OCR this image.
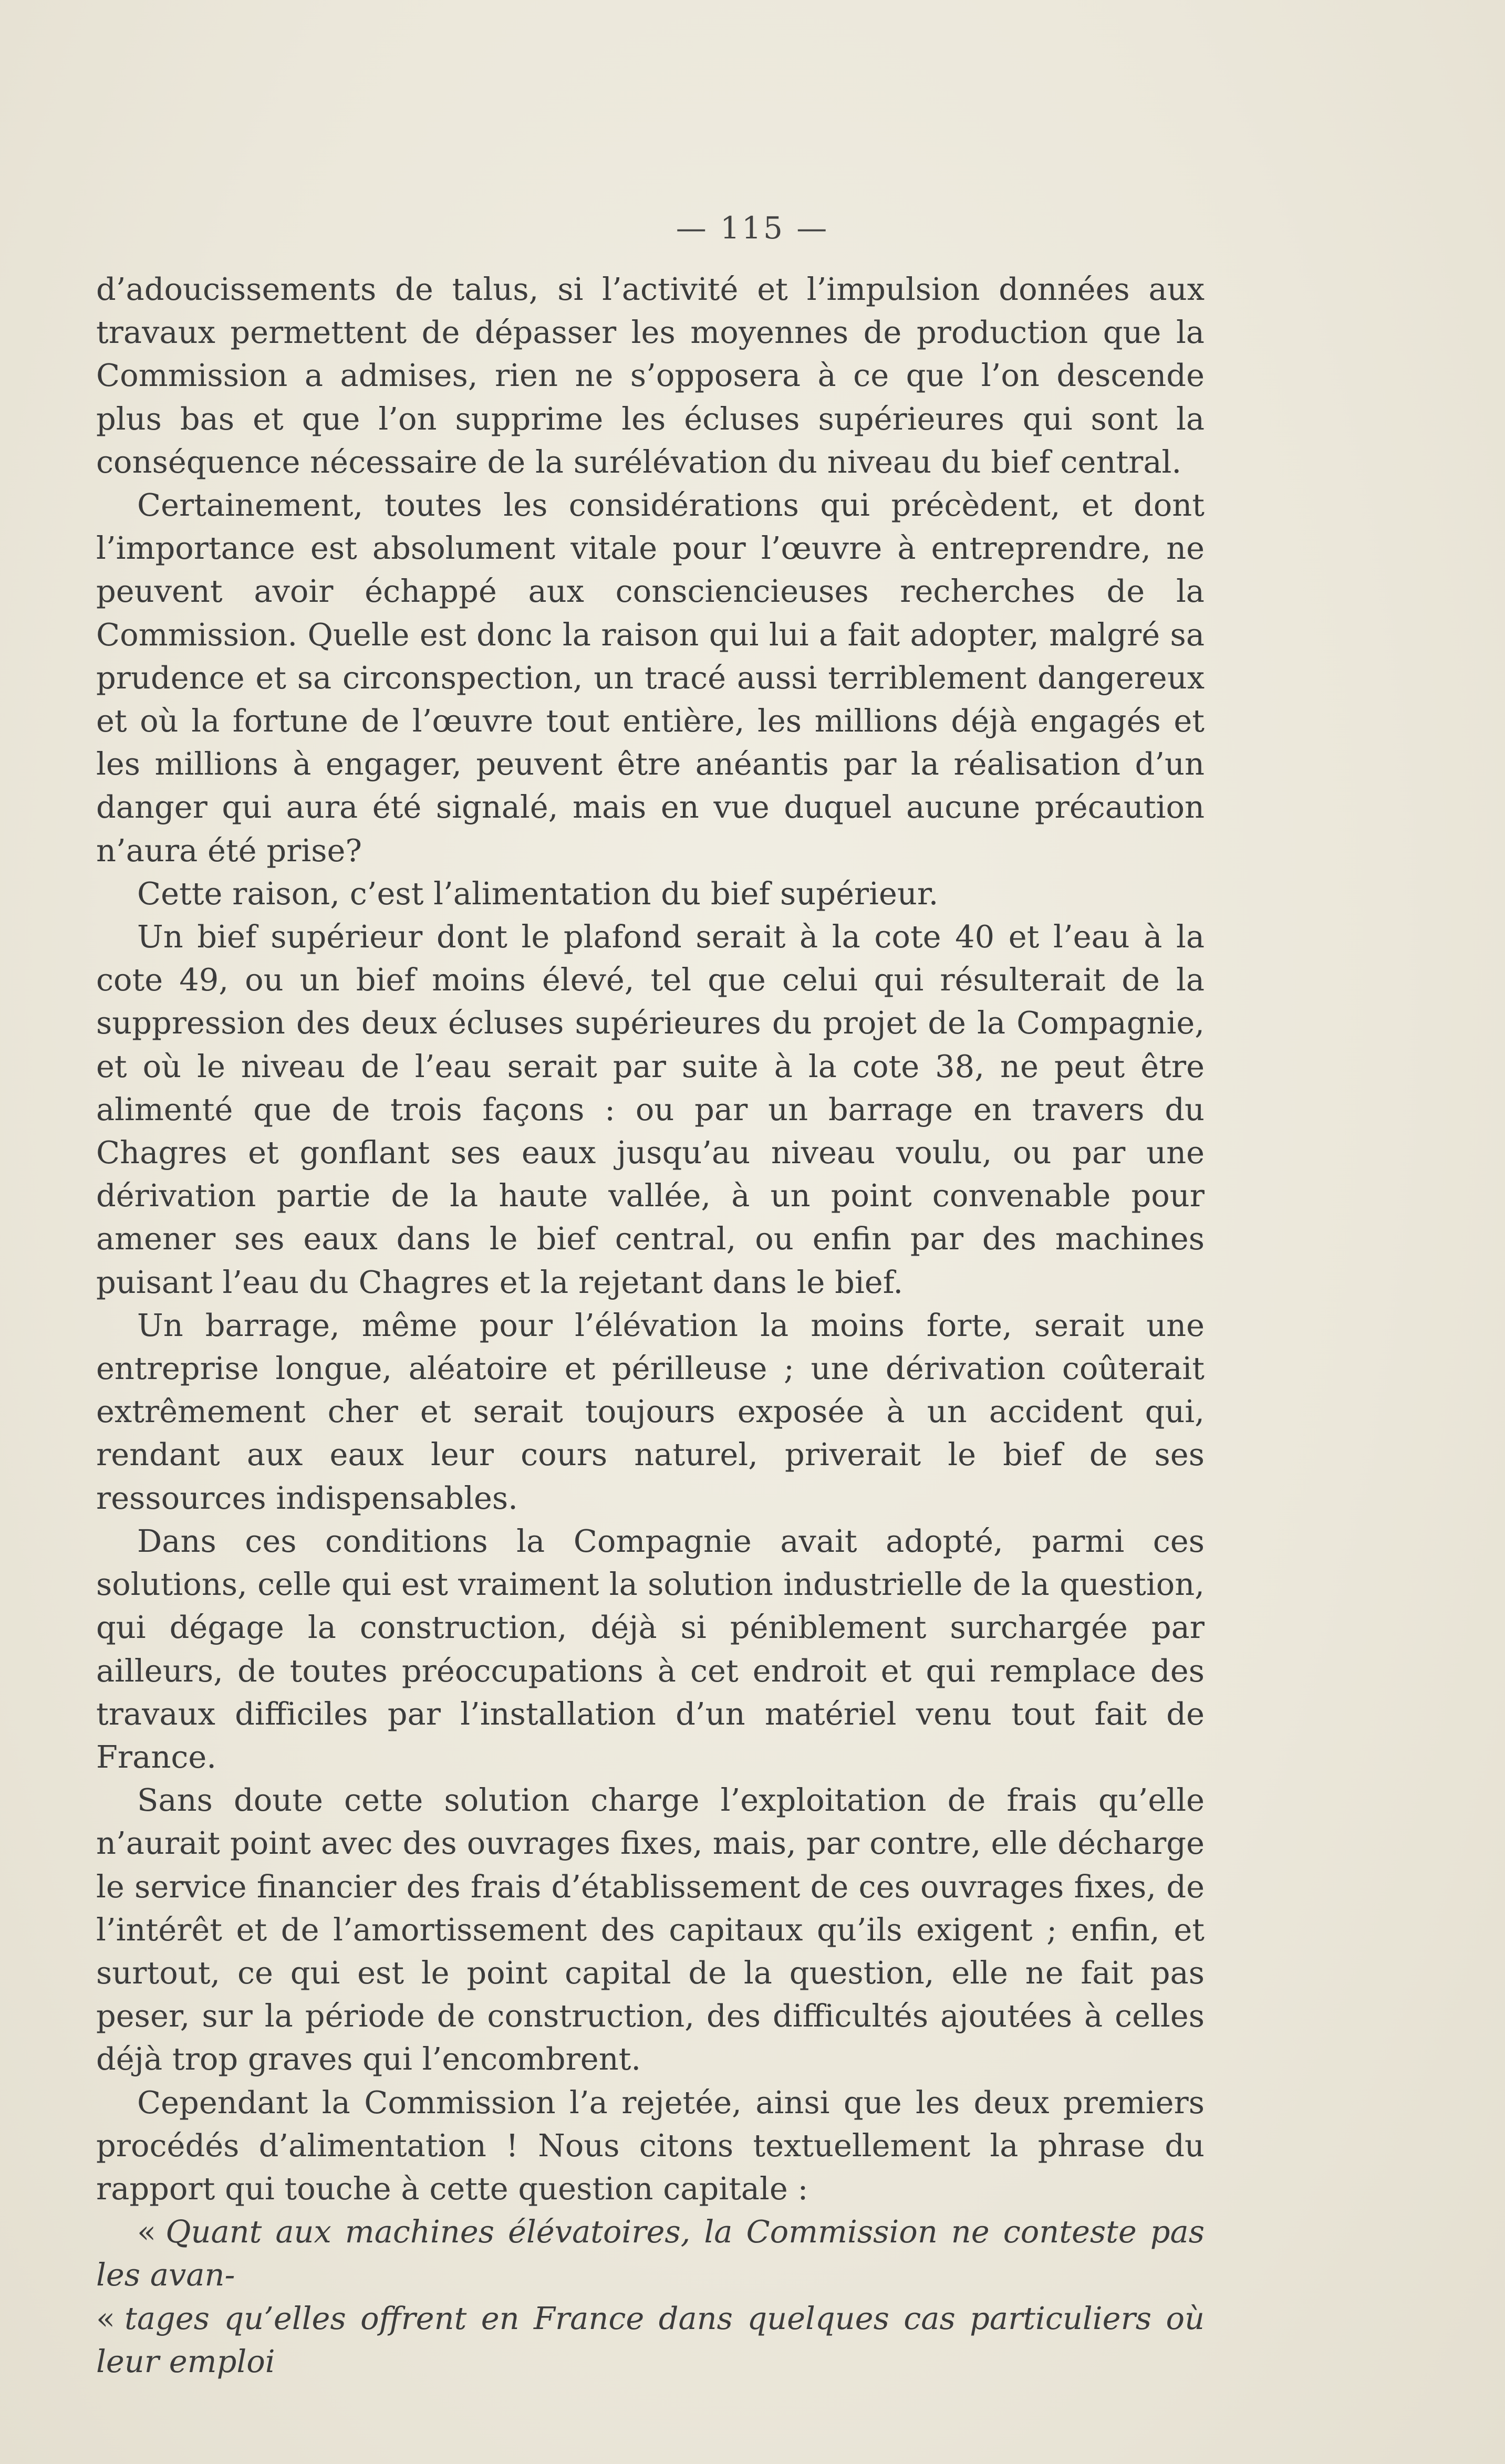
— 115 —

d’adoucissements de talus, si l’activité et l’impulsion données aux travaux permettent de dépasser les moyennes de production que la Commission a admises, rien ne s’opposera à ce que l’on descende plus bas et que l’on supprime les écluses supérieures qui sont la conséquence nécessaire de la surélévation du niveau du bief central.

Certainement, toutes les considérations qui précèdent, et dont l’importance est absolument vitale pour l’œuvre à entreprendre, ne peuvent avoir échappé aux consciencieuses recherches de la Commission. Quelle est donc la raison qui lui a fait adopter, malgré sa prudence et sa circonspection, un tracé aussi terriblement dangereux et où la fortune de l’œuvre tout entière, les millions déjà engagés et les millions à engager, peuvent être anéantis par la réalisation d’un danger qui aura été signalé, mais en vue duquel aucune précaution n’aura été prise?

Cette raison, c’est l’alimentation du bief supérieur.

Un bief supérieur dont le plafond serait à la cote 40 et l’eau à la cote 49, ou un bief moins élevé, tel que celui qui résulterait de la suppression des deux écluses supérieures du projet de la Compagnie, et où le niveau de l’eau serait par suite à la cote 38, ne peut être alimenté que de trois façons : ou par un barrage en travers du Chagres et gonflant ses eaux jusqu’au niveau voulu, ou par une dérivation partie de la haute vallée, à un point convenable pour amener ses eaux dans le bief central, ou enfin par des machines puisant l’eau du Chagres et la rejetant dans le bief.

Un barrage, même pour l’élévation la moins forte, serait une entreprise longue, aléatoire et périlleuse ; une dérivation coûterait extrêmement cher et serait toujours exposée à un accident qui, rendant aux eaux leur cours naturel, priverait le bief de ses ressources indispensables.

Dans ces conditions la Compagnie avait adopté, parmi ces solutions, celle qui est vraiment la solution industrielle de la question, qui dégage la construction, déjà si péniblement surchargée par ailleurs, de toutes préoccupations à cet endroit et qui remplace des travaux difficiles par l’installation d’un matériel venu tout fait de France.

Sans doute cette solution charge l’exploitation de frais qu’elle n’aurait point avec des ouvrages fixes, mais, par contre, elle décharge le service financier des frais d’établissement de ces ouvrages fixes, de l’intérêt et de l’amortissement des capitaux qu’ils exigent ; enfin, et surtout, ce qui est le point capital de la question, elle ne fait pas peser, sur la période de construction, des difficultés ajoutées à celles déjà trop graves qui l’encombrent.

Cependant la Commission l’a rejetée, ainsi que les deux premiers procédés d’alimentation ! Nous citons textuellement la phrase du rapport qui touche à cette question capitale :

« Quant aux machines élévatoires, la Commission ne conteste pas les avan-

« tages qu’elles offrent en France dans quelques cas particuliers où leur emploi
